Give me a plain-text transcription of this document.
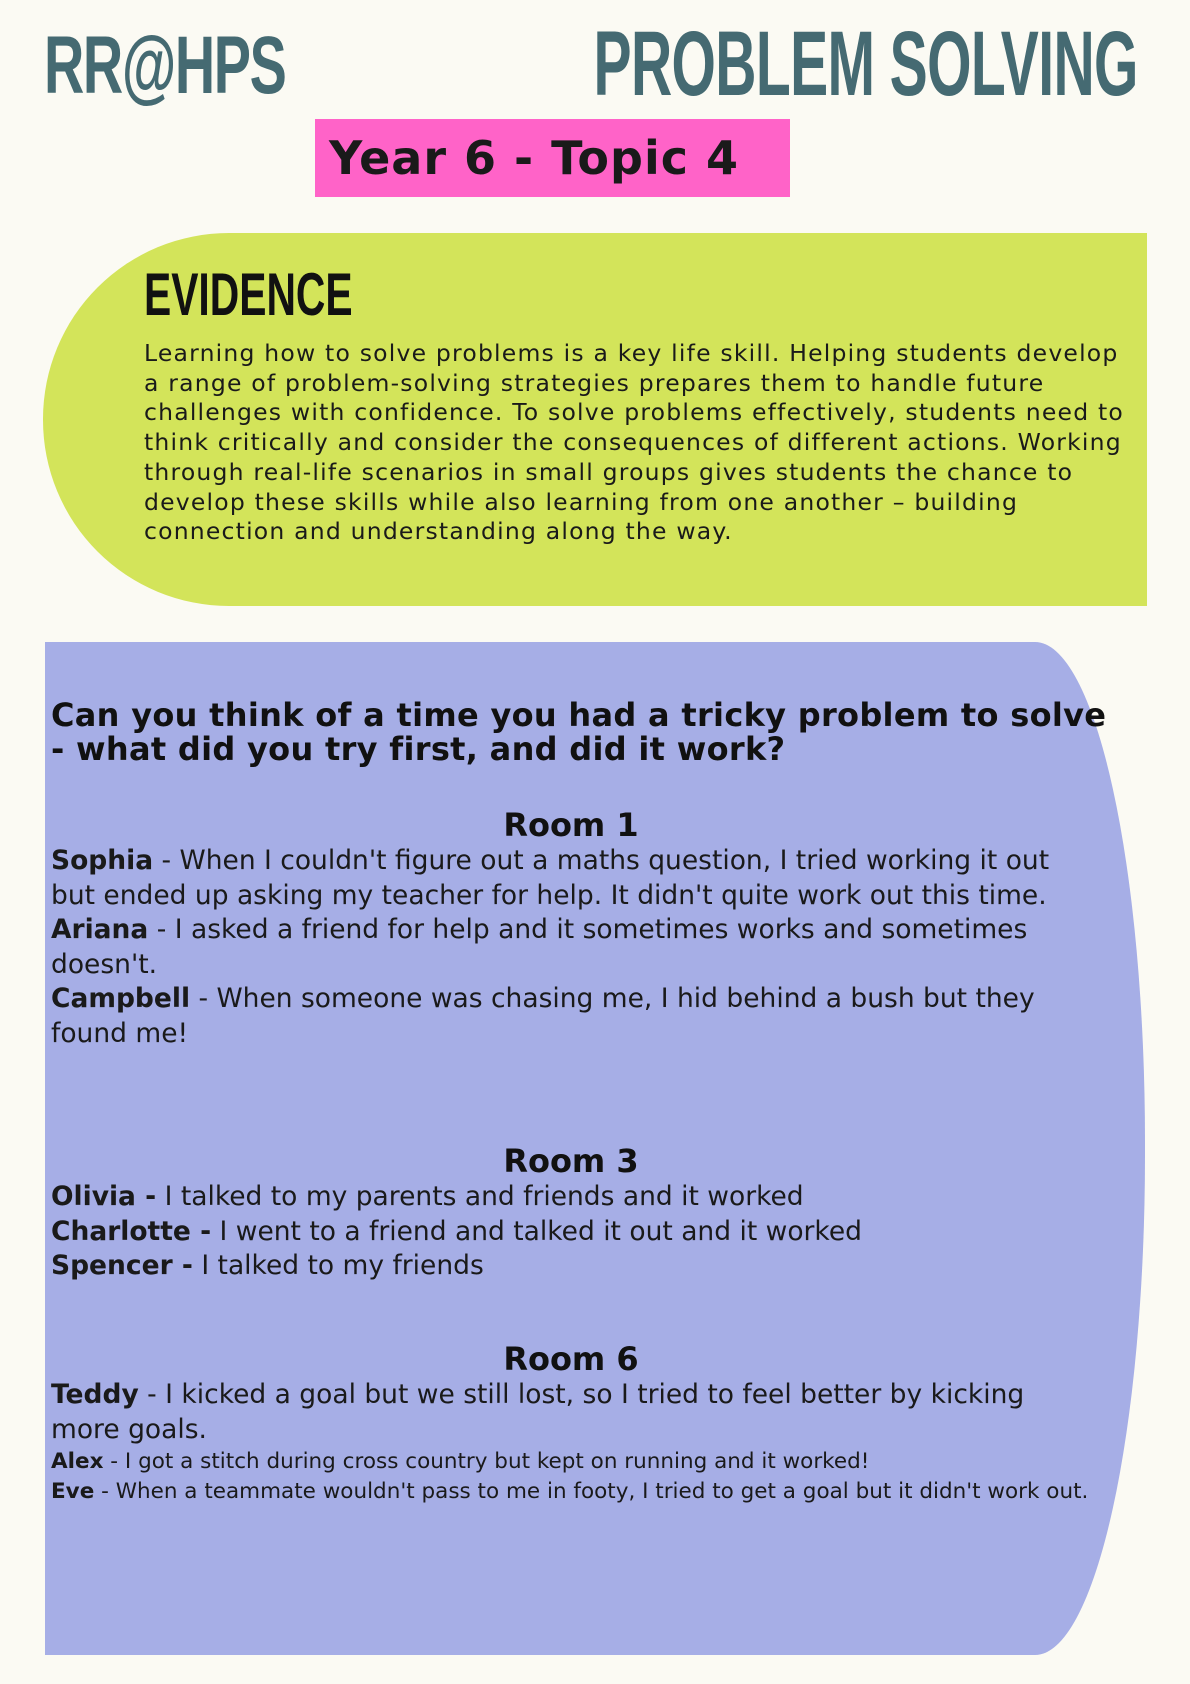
RR@HPS	PROBLEM SOLVING
Year 6 - Topic 4
EVIDENCE

Learning how to solve problems is a key life skill. Helping students develop a range of problem-solving strategies prepares them to handle future challenges with confidence. To solve problems effectively, students need to think critically and consider the consequences of different actions. Working through real-life scenarios in small groups gives students the chance to develop these skills while also learning from one another – building connection and understanding along the way.

Can you think of a time you had a tricky problem to solve - what did you try first, and did it work?

Room 1

Sophia - When I couldn't figure out a maths question, I tried working it out but ended up asking my teacher for help. It didn't quite work out this time.

Ariana - I asked a friend for help and it sometimes works and sometimes doesn't.

Campbell - When someone was chasing me, I hid behind a bush but they found me!

Room 3

Olivia - I talked to my parents and friends and it worked

Charlotte - I went to a friend and talked it out and it worked

Spencer - I talked to my friends

Room 6

Teddy - I kicked a goal but we still lost, so I tried to feel better by kicking more goals.

Alex - I got a stitch during cross country but kept on running and it worked!

Eve - When a teammate wouldn't pass to me in footy, I tried to get a goal but it didn't work out.
